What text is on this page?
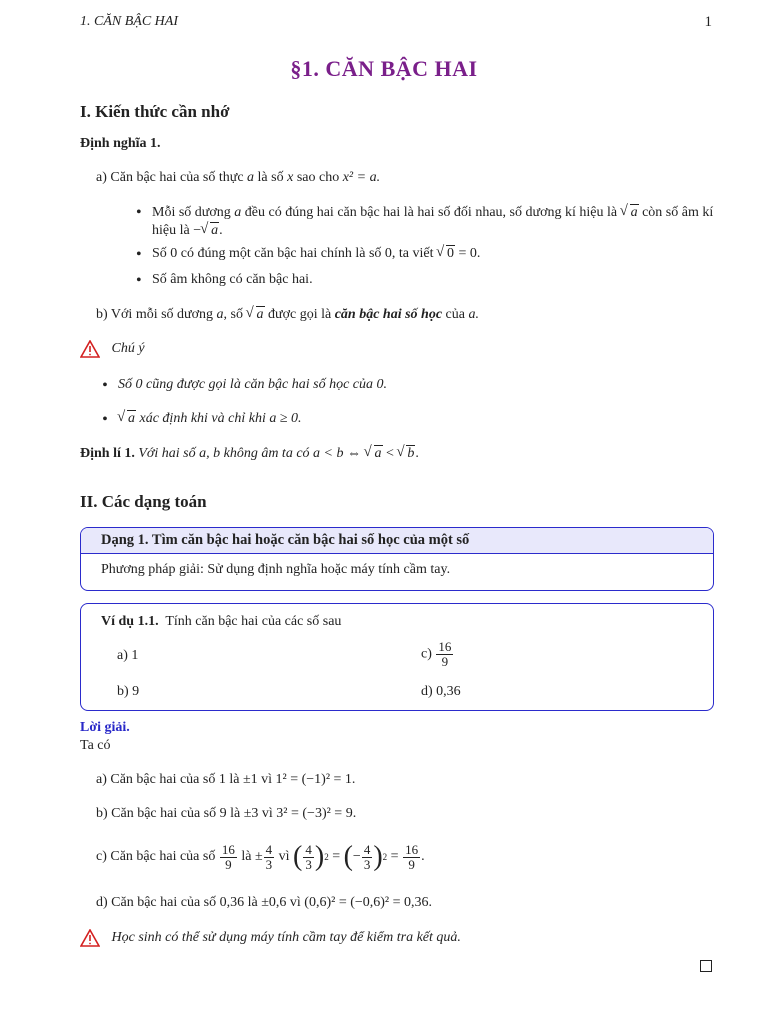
1. CĂN BẬC HAI	1
§1. CĂN BẬC HAI
I. Kiến thức cần nhớ
Định nghĩa 1.
a) Căn bậc hai của số thực a là số x sao cho x² = a.
• Mỗi số dương a đều có đúng hai căn bậc hai là hai số đối nhau, số dương kí hiệu là √ a còn số âm kí hiệu là − √ a.
• Số 0 có đúng một căn bậc hai chính là số 0, ta viết √ 0 = 0.
• Số âm không có căn bậc hai.
b) Với mỗi số dương a, số √ a được gọi là căn bậc hai số học của a.
Chú ý
• Số 0 cũng được gọi là căn bậc hai số học của 0.
• √ a xác định khi và chỉ khi a ≥ 0.
Định lí 1. Với hai số a, b không âm ta có a < b ⇔ √ a < √ b.
II. Các dạng toán
Dạng 1. Tìm căn bậc hai hoặc căn bậc hai số học của một số
Phương pháp giải: Sử dụng định nghĩa hoặc máy tính cầm tay.
Ví dụ 1.1. Tính căn bậc hai của các số sau
a) 1	$c) \frac{16}{9}$
b) 9	d) 0,36
Lời giải.
Ta có
a) Căn bậc hai của số 1 là ±1 vì 1² = (−1)² = 1.
b) Căn bậc hai của số 9 là ±3 vì 3² = (−3)² = 9.
c) Căn bậc hai của số
$\frac{16}{9}$
là ± $\frac{4}{3}$
vì
( $\frac{4}{3}$ ) 2
=
( − $\frac{4}{3}$ ) 2
=
$\frac{16}{9}$ .
d) Căn bậc hai của số 0,36 là ±0,6 vì (0,6)² = (−0,6)² = 0,36.
Học sinh có thể sử dụng máy tính cầm tay để kiểm tra kết quả.
